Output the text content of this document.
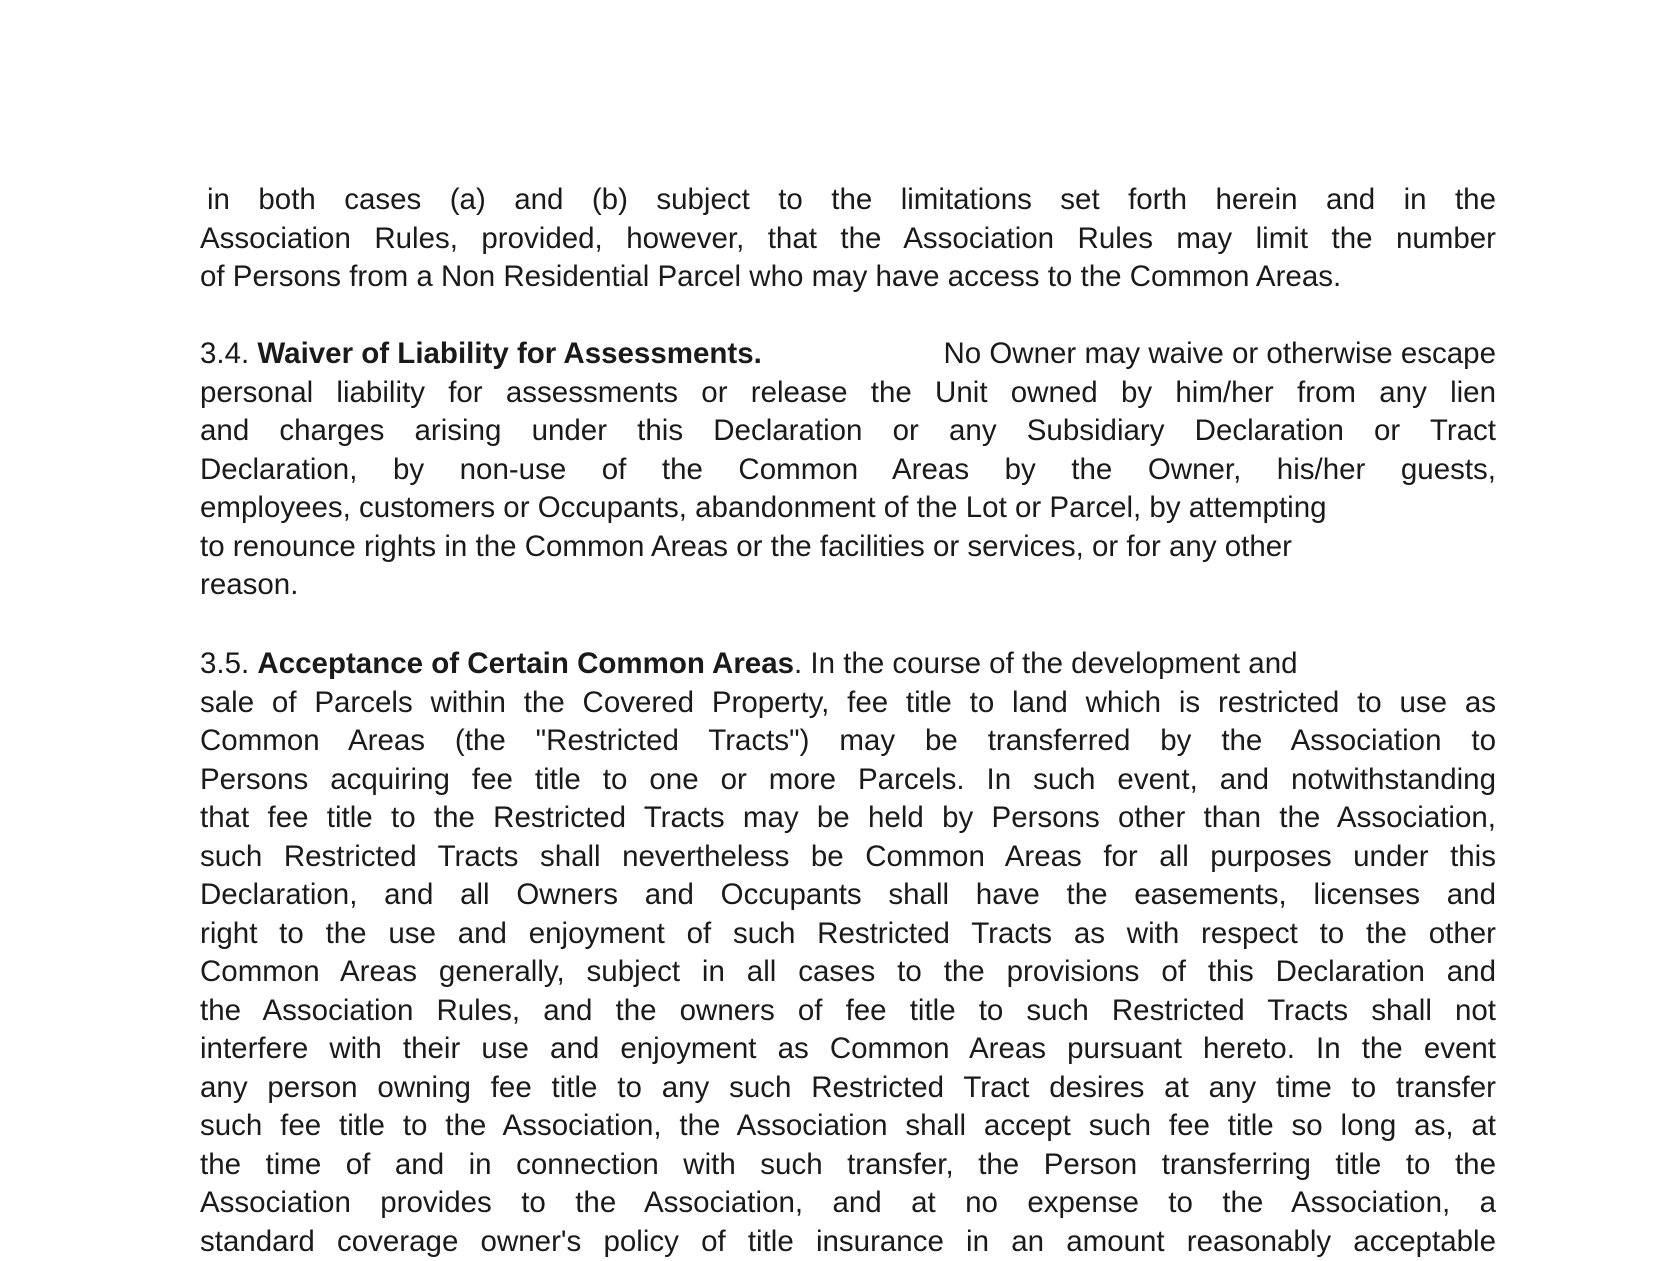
in both cases (a) and (b) subject to the limitations set forth herein and in the
Association Rules, provided, however, that the Association Rules may limit the number
of Persons from a Non Residential Parcel who may have access to the Common Areas.
3.4. Waiver of Liability for Assessments.	No Owner may waive or otherwise escape
personal liability for assessments or release the Unit owned by him/her from any lien
and charges arising under this Declaration or any Subsidiary Declaration or Tract
Declaration, by non-use of the Common Areas by the Owner, his/her guests,
employees, customers or Occupants, abandonment of the Lot or Parcel, by attempting
to renounce rights in the Common Areas or the facilities or services, or for any other
reason.
3.5. Acceptance of Certain Common Areas. In the course of the development and
sale of Parcels within the Covered Property, fee title to land which is restricted to use as
Common Areas (the "Restricted Tracts") may be transferred by the Association to
Persons acquiring fee title to one or more Parcels. In such event, and notwithstanding
that fee title to the Restricted Tracts may be held by Persons other than the Association,
such Restricted Tracts shall nevertheless be Common Areas for all purposes under this
Declaration, and all Owners and Occupants shall have the easements, licenses and
right to the use and enjoyment of such Restricted Tracts as with respect to the other
Common Areas generally, subject in all cases to the provisions of this Declaration and
the Association Rules, and the owners of fee title to such Restricted Tracts shall not
interfere with their use and enjoyment as Common Areas pursuant hereto. In the event
any person owning fee title to any such Restricted Tract desires at any time to transfer
such fee title to the Association, the Association shall accept such fee title so long as, at
the time of and in connection with such transfer, the Person transferring title to the
Association provides to the Association, and at no expense to the Association, a
standard coverage owner's policy of title insurance in an amount reasonably acceptable
